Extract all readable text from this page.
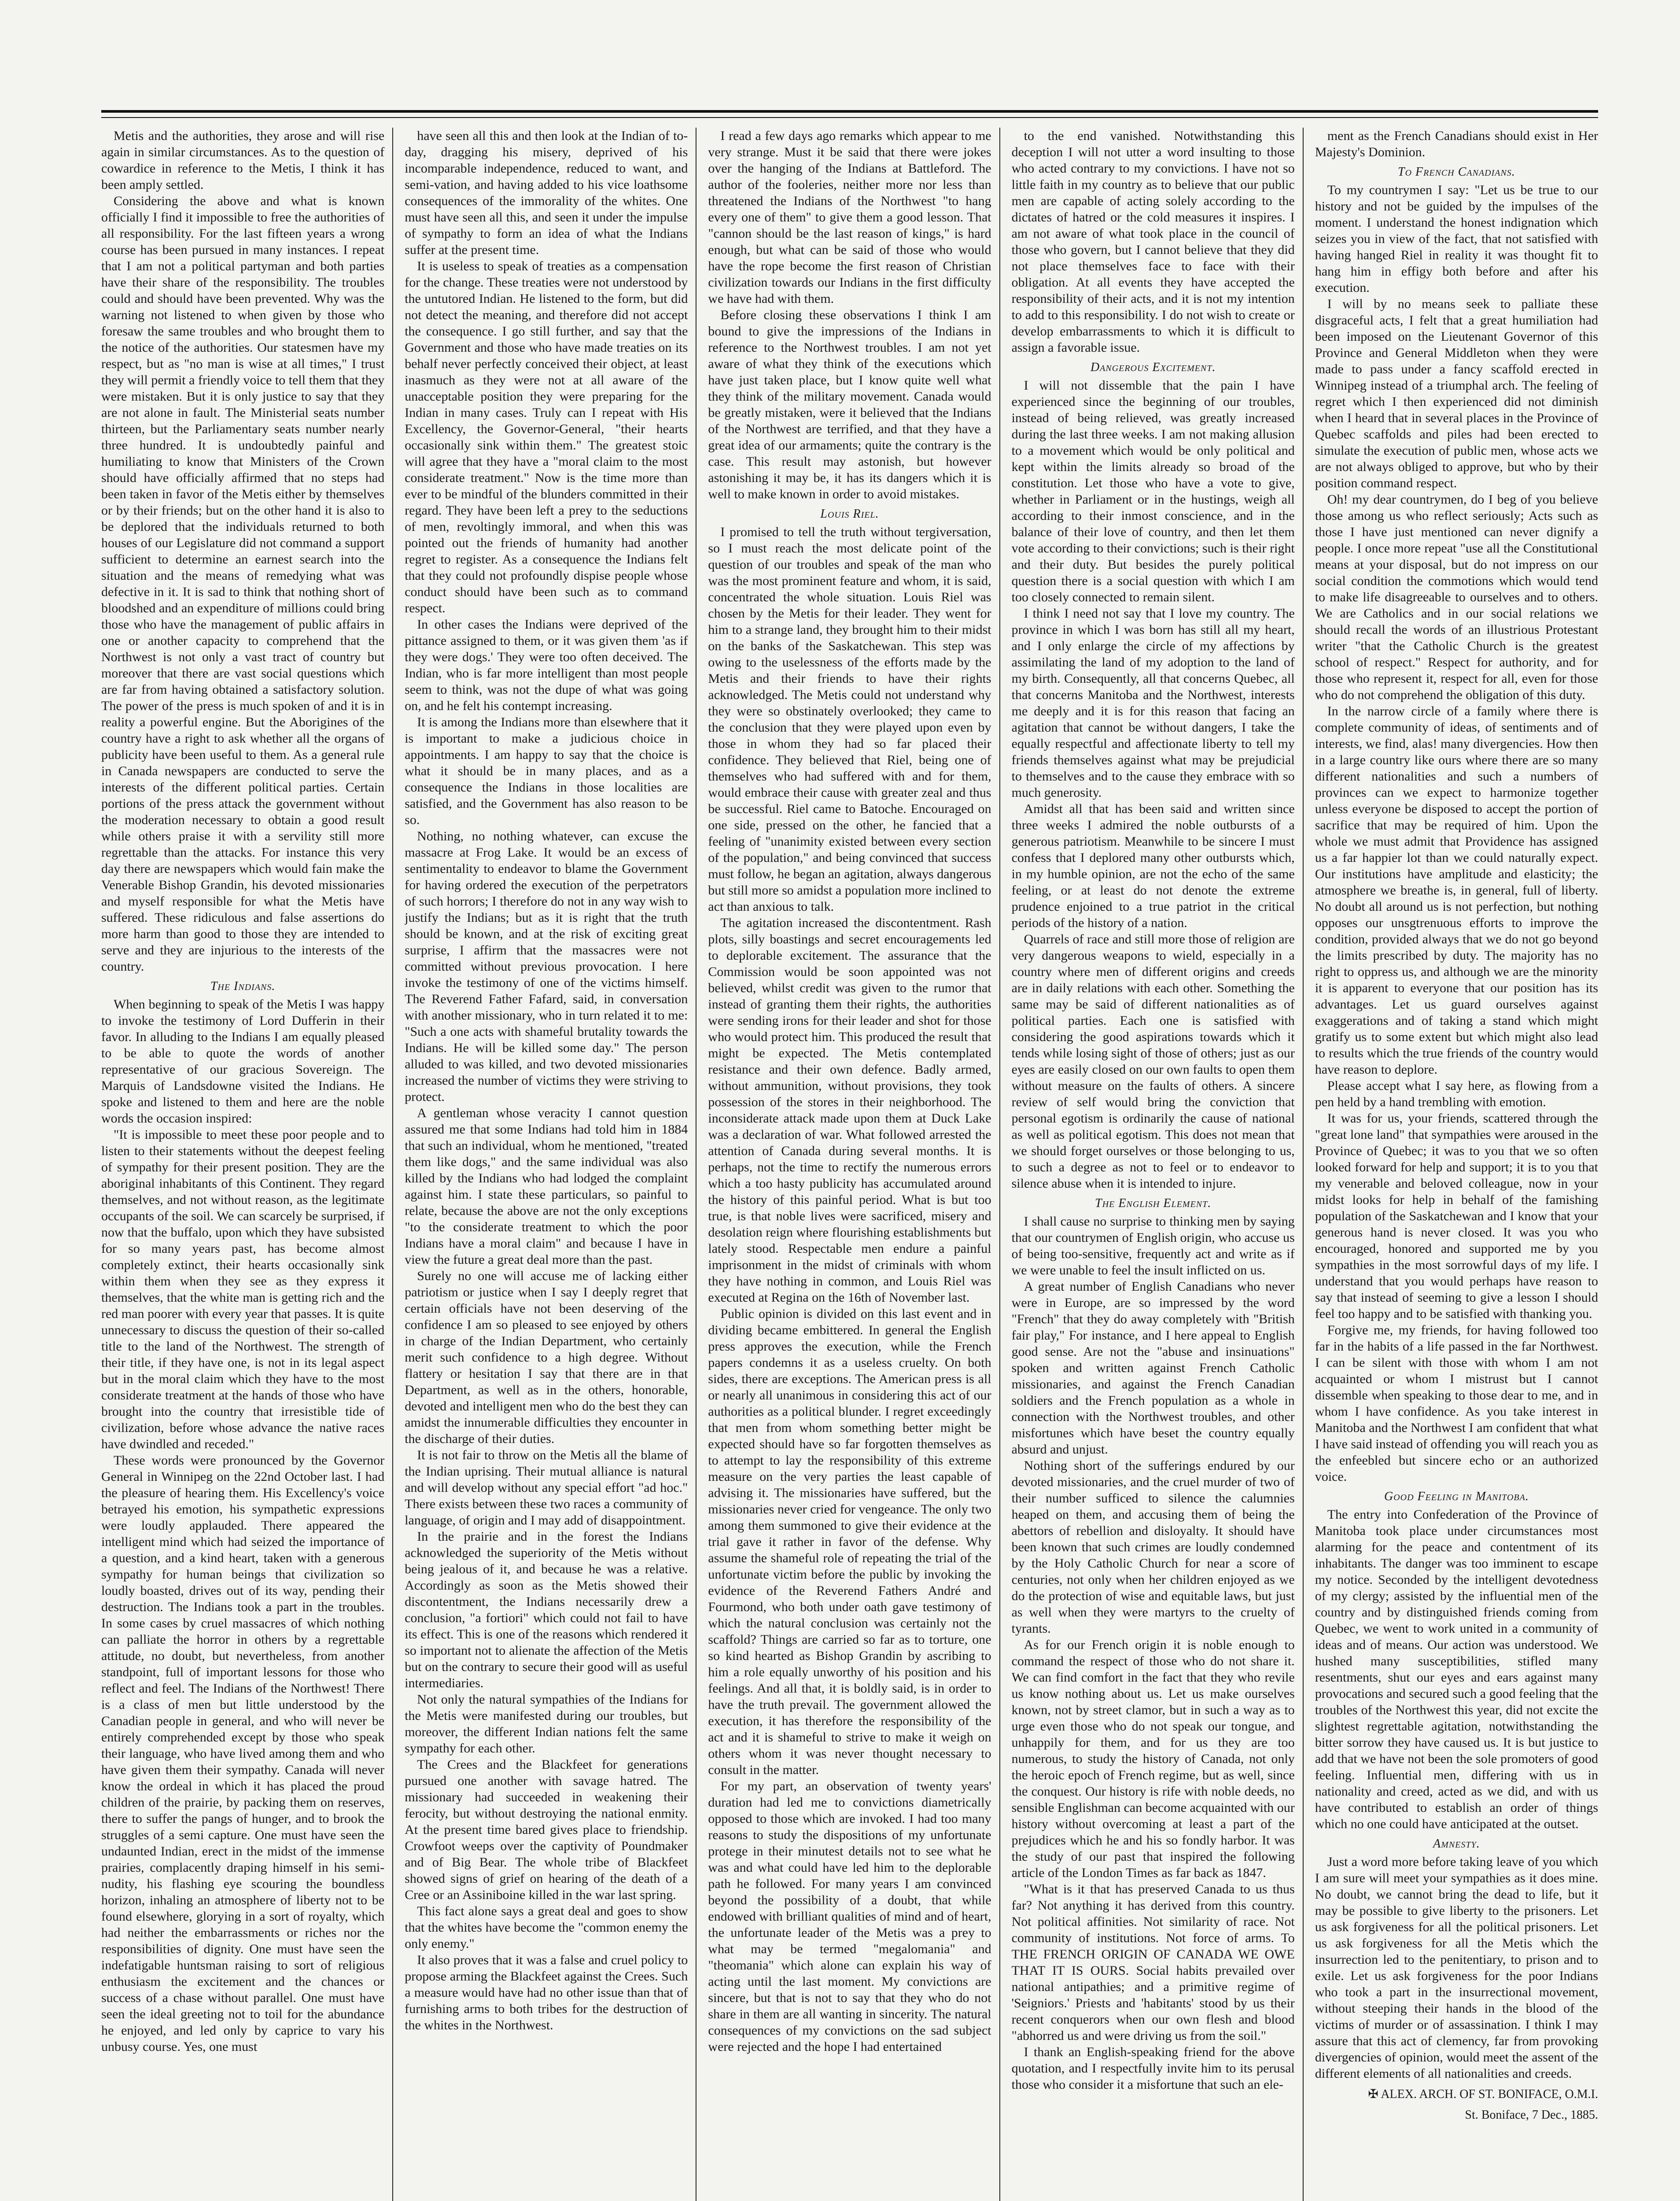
Metis and the authorities, they arose and will rise again in similar circumstances. As to the question of cowardice in reference to the Metis, I think it has been amply settled.

Considering the above and what is known officially I find it impossible to free the authorities of all responsibility. For the last fifteen years a wrong course has been pursued in many instances. I repeat that I am not a political partyman and both parties have their share of the responsibility. The troubles could and should have been prevented. Why was the warning not listened to when given by those who foresaw the same troubles and who brought them to the notice of the authorities. Our statesmen have my respect, but as "no man is wise at all times," I trust they will permit a friendly voice to tell them that they were mistaken. But it is only justice to say that they are not alone in fault. The Ministerial seats number thirteen, but the Parliamentary seats number nearly three hundred. It is undoubtedly painful and humiliating to know that Ministers of the Crown should have officially affirmed that no steps had been taken in favor of the Metis either by themselves or by their friends; but on the other hand it is also to be deplored that the individuals returned to both houses of our Legislature did not command a support sufficient to determine an earnest search into the situation and the means of remedying what was defective in it. It is sad to think that nothing short of bloodshed and an expenditure of millions could bring those who have the management of public affairs in one or another capacity to comprehend that the Northwest is not only a vast tract of country but moreover that there are vast social questions which are far from having obtained a satisfactory solution. The power of the press is much spoken of and it is in reality a powerful engine. But the Aborigines of the country have a right to ask whether all the organs of publicity have been useful to them. As a general rule in Canada newspapers are conducted to serve the interests of the different political parties. Certain portions of the press attack the government without the moderation necessary to obtain a good result while others praise it with a servility still more regrettable than the attacks. For instance this very day there are newspapers which would fain make the Venerable Bishop Grandin, his devoted missionaries and myself responsible for what the Metis have suffered. These ridiculous and false assertions do more harm than good to those they are intended to serve and they are injurious to the interests of the country.

The Indians.

When beginning to speak of the Metis I was happy to invoke the testimony of Lord Dufferin in their favor. In alluding to the Indians I am equally pleased to be able to quote the words of another representative of our gracious Sovereign. The Marquis of Landsdowne visited the Indians. He spoke and listened to them and here are the noble words the occasion inspired:

"It is impossible to meet these poor people and to listen to their statements without the deepest feeling of sympathy for their present position. They are the aboriginal inhabitants of this Continent. They regard themselves, and not without reason, as the legitimate occupants of the soil. We can scarcely be surprised, if now that the buffalo, upon which they have subsisted for so many years past, has become almost completely extinct, their hearts occasionally sink within them when they see as they express it themselves, that the white man is getting rich and the red man poorer with every year that passes. It is quite unnecessary to discuss the question of their so-called title to the land of the Northwest. The strength of their title, if they have one, is not in its legal aspect but in the moral claim which they have to the most considerate treatment at the hands of those who have brought into the country that irresistible tide of civilization, before whose advance the native races have dwindled and receded."

These words were pronounced by the Governor General in Winnipeg on the 22nd October last. I had the pleasure of hearing them. His Excellency's voice betrayed his emotion, his sympathetic expressions were loudly applauded. There appeared the intelligent mind which had seized the importance of a question, and a kind heart, taken with a generous sympathy for human beings that civilization so loudly boasted, drives out of its way, pending their destruction. The Indians took a part in the troubles. In some cases by cruel massacres of which nothing can palliate the horror in others by a regrettable attitude, no doubt, but nevertheless, from another standpoint, full of important lessons for those who reflect and feel. The Indians of the Northwest! There is a class of men but little understood by the Canadian people in general, and who will never be entirely comprehended except by those who speak their language, who have lived among them and who have given them their sympathy. Canada will never know the ordeal in which it has placed the proud children of the prairie, by packing them on reserves, there to suffer the pangs of hunger, and to brook the struggles of a semi capture. One must have seen the undaunted Indian, erect in the midst of the immense prairies, complacently draping himself in his semi-nudity, his flashing eye scouring the boundless horizon, inhaling an atmosphere of liberty not to be found elsewhere, glorying in a sort of royalty, which had neither the embarrassments or riches nor the responsibilities of dignity. One must have seen the indefatigable huntsman raising to sort of religious enthusiasm the excitement and the chances or success of a chase without parallel. One must have seen the ideal greeting not to toil for the abundance he enjoyed, and led only by caprice to vary his unbusy course. Yes, one must

have seen all this and then look at the Indian of to-day, dragging his misery, deprived of his incomparable independence, reduced to want, and semi-vation, and having added to his vice loathsome consequences of the immorality of the whites. One must have seen all this, and seen it under the impulse of sympathy to form an idea of what the Indians suffer at the present time.

It is useless to speak of treaties as a compensation for the change. These treaties were not understood by the untutored Indian. He listened to the form, but did not detect the meaning, and therefore did not accept the consequence. I go still further, and say that the Government and those who have made treaties on its behalf never perfectly conceived their object, at least inasmuch as they were not at all aware of the unacceptable position they were preparing for the Indian in many cases. Truly can I repeat with His Excellency, the Governor-General, "their hearts occasionally sink within them." The greatest stoic will agree that they have a "moral claim to the most considerate treatment." Now is the time more than ever to be mindful of the blunders committed in their regard. They have been left a prey to the seductions of men, revoltingly immoral, and when this was pointed out the friends of humanity had another regret to register. As a consequence the Indians felt that they could not profoundly dispise people whose conduct should have been such as to command respect.

In other cases the Indians were deprived of the pittance assigned to them, or it was given them 'as if they were dogs.' They were too often deceived. The Indian, who is far more intelligent than most people seem to think, was not the dupe of what was going on, and he felt his contempt increasing.

It is among the Indians more than elsewhere that it is important to make a judicious choice in appointments. I am happy to say that the choice is what it should be in many places, and as a consequence the Indians in those localities are satisfied, and the Government has also reason to be so.

Nothing, no nothing whatever, can excuse the massacre at Frog Lake. It would be an excess of sentimentality to endeavor to blame the Government for having ordered the execution of the perpetrators of such horrors; I therefore do not in any way wish to justify the Indians; but as it is right that the truth should be known, and at the risk of exciting great surprise, I affirm that the massacres were not committed without previous provocation. I here invoke the testimony of one of the victims himself. The Reverend Father Fafard, said, in conversation with another missionary, who in turn related it to me: "Such a one acts with shameful brutality towards the Indians. He will be killed some day." The person alluded to was killed, and two devoted missionaries increased the number of victims they were striving to protect.

A gentleman whose veracity I cannot question assured me that some Indians had told him in 1884 that such an individual, whom he mentioned, "treated them like dogs," and the same individual was also killed by the Indians who had lodged the complaint against him. I state these particulars, so painful to relate, because the above are not the only exceptions "to the considerate treatment to which the poor Indians have a moral claim" and because I have in view the future a great deal more than the past.

Surely no one will accuse me of lacking either patriotism or justice when I say I deeply regret that certain officials have not been deserving of the confidence I am so pleased to see enjoyed by others in charge of the Indian Department, who certainly merit such confidence to a high degree. Without flattery or hesitation I say that there are in that Department, as well as in the others, honorable, devoted and intelligent men who do the best they can amidst the innumerable difficulties they encounter in the discharge of their duties.

It is not fair to throw on the Metis all the blame of the Indian uprising. Their mutual alliance is natural and will develop without any special effort "ad hoc." There exists between these two races a community of language, of origin and I may add of disappointment.

In the prairie and in the forest the Indians acknowledged the superiority of the Metis without being jealous of it, and because he was a relative. Accordingly as soon as the Metis showed their discontentment, the Indians necessarily drew a conclusion, "a fortiori" which could not fail to have its effect. This is one of the reasons which rendered it so important not to alienate the affection of the Metis but on the contrary to secure their good will as useful intermediaries.

Not only the natural sympathies of the Indians for the Metis were manifested during our troubles, but moreover, the different Indian nations felt the same sympathy for each other.

The Crees and the Blackfeet for generations pursued one another with savage hatred. The missionary had succeeded in weakening their ferocity, but without destroying the national enmity. At the present time bared gives place to friendship. Crowfoot weeps over the captivity of Poundmaker and of Big Bear. The whole tribe of Blackfeet showed signs of grief on hearing of the death of a Cree or an Assiniboine killed in the war last spring.

This fact alone says a great deal and goes to show that the whites have become the "common enemy the only enemy."

It also proves that it was a false and cruel policy to propose arming the Blackfeet against the Crees. Such a measure would have had no other issue than that of furnishing arms to both tribes for the destruction of the whites in the Northwest.

I read a few days ago remarks which appear to me very strange. Must it be said that there were jokes over the hanging of the Indians at Battleford. The author of the fooleries, neither more nor less than threatened the Indians of the Northwest "to hang every one of them" to give them a good lesson. That "cannon should be the last reason of kings," is hard enough, but what can be said of those who would have the rope become the first reason of Christian civilization towards our Indians in the first difficulty we have had with them.

Before closing these observations I think I am bound to give the impressions of the Indians in reference to the Northwest troubles. I am not yet aware of what they think of the executions which have just taken place, but I know quite well what they think of the military movement. Canada would be greatly mistaken, were it believed that the Indians of the Northwest are terrified, and that they have a great idea of our armaments; quite the contrary is the case. This result may astonish, but however astonishing it may be, it has its dangers which it is well to make known in order to avoid mistakes.

Louis Riel.

I promised to tell the truth without tergiversation, so I must reach the most delicate point of the question of our troubles and speak of the man who was the most prominent feature and whom, it is said, concentrated the whole situation. Louis Riel was chosen by the Metis for their leader. They went for him to a strange land, they brought him to their midst on the banks of the Saskatchewan. This step was owing to the uselessness of the efforts made by the Metis and their friends to have their rights acknowledged. The Metis could not understand why they were so obstinately overlooked; they came to the conclusion that they were played upon even by those in whom they had so far placed their confidence. They believed that Riel, being one of themselves who had suffered with and for them, would embrace their cause with greater zeal and thus be successful. Riel came to Batoche. Encouraged on one side, pressed on the other, he fancied that a feeling of "unanimity existed between every section of the population," and being convinced that success must follow, he began an agitation, always dangerous but still more so amidst a population more inclined to act than anxious to talk.

The agitation increased the discontentment. Rash plots, silly boastings and secret encouragements led to deplorable excitement. The assurance that the Commission would be soon appointed was not believed, whilst credit was given to the rumor that instead of granting them their rights, the authorities were sending irons for their leader and shot for those who would protect him. This produced the result that might be expected. The Metis contemplated resistance and their own defence. Badly armed, without ammunition, without provisions, they took possession of the stores in their neighborhood. The inconsiderate attack made upon them at Duck Lake was a declaration of war. What followed arrested the attention of Canada during several months. It is perhaps, not the time to rectify the numerous errors which a too hasty publicity has accumulated around the history of this painful period. What is but too true, is that noble lives were sacrificed, misery and desolation reign where flourishing establishments but lately stood. Respectable men endure a painful imprisonment in the midst of criminals with whom they have nothing in common, and Louis Riel was executed at Regina on the 16th of November last.

Public opinion is divided on this last event and in dividing became embittered. In general the English press approves the execution, while the French papers condemns it as a useless cruelty. On both sides, there are exceptions. The American press is all or nearly all unanimous in considering this act of our authorities as a political blunder. I regret exceedingly that men from whom something better might be expected should have so far forgotten themselves as to attempt to lay the responsibility of this extreme measure on the very parties the least capable of advising it. The missionaries have suffered, but the missionaries never cried for vengeance. The only two among them summoned to give their evidence at the trial gave it rather in favor of the defense. Why assume the shameful role of repeating the trial of the unfortunate victim before the public by invoking the evidence of the Reverend Fathers André and Fourmond, who both under oath gave testimony of which the natural conclusion was certainly not the scaffold? Things are carried so far as to torture, one so kind hearted as Bishop Grandin by ascribing to him a role equally unworthy of his position and his feelings. And all that, it is boldly said, is in order to have the truth prevail. The government allowed the execution, it has therefore the responsibility of the act and it is shameful to strive to make it weigh on others whom it was never thought necessary to consult in the matter.

For my part, an observation of twenty years' duration had led me to convictions diametrically opposed to those which are invoked. I had too many reasons to study the dispositions of my unfortunate protege in their minutest details not to see what he was and what could have led him to the deplorable path he followed. For many years I am convinced beyond the possibility of a doubt, that while endowed with brilliant qualities of mind and of heart, the unfortunate leader of the Metis was a prey to what may be termed "megalomania" and "theomania" which alone can explain his way of acting until the last moment. My convictions are sincere, but that is not to say that they who do not share in them are all wanting in sincerity. The natural consequences of my convictions on the sad subject were rejected and the hope I had entertained

to the end vanished. Notwithstanding this deception I will not utter a word insulting to those who acted contrary to my convictions. I have not so little faith in my country as to believe that our public men are capable of acting solely according to the dictates of hatred or the cold measures it inspires. I am not aware of what took place in the council of those who govern, but I cannot believe that they did not place themselves face to face with their obligation. At all events they have accepted the responsibility of their acts, and it is not my intention to add to this responsibility. I do not wish to create or develop embarrassments to which it is difficult to assign a favorable issue.

Dangerous Excitement.

I will not dissemble that the pain I have experienced since the beginning of our troubles, instead of being relieved, was greatly increased during the last three weeks. I am not making allusion to a movement which would be only political and kept within the limits already so broad of the constitution. Let those who have a vote to give, whether in Parliament or in the hustings, weigh all according to their inmost conscience, and in the balance of their love of country, and then let them vote according to their convictions; such is their right and their duty. But besides the purely political question there is a social question with which I am too closely connected to remain silent.

I think I need not say that I love my country. The province in which I was born has still all my heart, and I only enlarge the circle of my affections by assimilating the land of my adoption to the land of my birth. Consequently, all that concerns Quebec, all that concerns Manitoba and the Northwest, interests me deeply and it is for this reason that facing an agitation that cannot be without dangers, I take the equally respectful and affectionate liberty to tell my friends themselves against what may be prejudicial to themselves and to the cause they embrace with so much generosity.

Amidst all that has been said and written since three weeks I admired the noble outbursts of a generous patriotism. Meanwhile to be sincere I must confess that I deplored many other outbursts which, in my humble opinion, are not the echo of the same feeling, or at least do not denote the extreme prudence enjoined to a true patriot in the critical periods of the history of a nation.

Quarrels of race and still more those of religion are very dangerous weapons to wield, especially in a country where men of different origins and creeds are in daily relations with each other. Something the same may be said of different nationalities as of political parties. Each one is satisfied with considering the good aspirations towards which it tends while losing sight of those of others; just as our eyes are easily closed on our own faults to open them without measure on the faults of others. A sincere review of self would bring the conviction that personal egotism is ordinarily the cause of national as well as political egotism. This does not mean that we should forget ourselves or those belonging to us, to such a degree as not to feel or to endeavor to silence abuse when it is intended to injure.

The English Element.

I shall cause no surprise to thinking men by saying that our countrymen of English origin, who accuse us of being too-sensitive, frequently act and write as if we were unable to feel the insult inflicted on us.

A great number of English Canadians who never were in Europe, are so impressed by the word "French" that they do away completely with "British fair play," For instance, and I here appeal to English good sense. Are not the "abuse and insinuations" spoken and written against French Catholic missionaries, and against the French Canadian soldiers and the French population as a whole in connection with the Northwest troubles, and other misfortunes which have beset the country equally absurd and unjust.

Nothing short of the sufferings endured by our devoted missionaries, and the cruel murder of two of their number sufficed to silence the calumnies heaped on them, and accusing them of being the abettors of rebellion and disloyalty. It should have been known that such crimes are loudly condemned by the Holy Catholic Church for near a score of centuries, not only when her children enjoyed as we do the protection of wise and equitable laws, but just as well when they were martyrs to the cruelty of tyrants.

As for our French origin it is noble enough to command the respect of those who do not share it. We can find comfort in the fact that they who revile us know nothing about us. Let us make ourselves known, not by street clamor, but in such a way as to urge even those who do not speak our tongue, and unhappily for them, and for us they are too numerous, to study the history of Canada, not only the heroic epoch of French regime, but as well, since the conquest. Our history is rife with noble deeds, no sensible Englishman can become acquainted with our history without overcoming at least a part of the prejudices which he and his so fondly harbor. It was the study of our past that inspired the following article of the London Times as far back as 1847.

"What is it that has preserved Canada to us thus far? Not anything it has derived from this country. Not political affinities. Not similarity of race. Not community of institutions. Not force of arms. To THE FRENCH ORIGIN OF CANADA WE OWE THAT IT IS OURS. Social habits prevailed over national antipathies; and a primitive regime of 'Seigniors.' Priests and 'habitants' stood by us their recent conquerors when our own flesh and blood "abhorred us and were driving us from the soil."

I thank an English-speaking friend for the above quotation, and I respectfully invite him to its perusal those who consider it a misfortune that such an ele-

ment as the French Canadians should exist in Her Majesty's Dominion.

To French Canadians.

To my countrymen I say: "Let us be true to our history and not be guided by the impulses of the moment. I understand the honest indignation which seizes you in view of the fact, that not satisfied with having hanged Riel in reality it was thought fit to hang him in effigy both before and after his execution.

I will by no means seek to palliate these disgraceful acts, I felt that a great humiliation had been imposed on the Lieutenant Governor of this Province and General Middleton when they were made to pass under a fancy scaffold erected in Winnipeg instead of a triumphal arch. The feeling of regret which I then experienced did not diminish when I heard that in several places in the Province of Quebec scaffolds and piles had been erected to simulate the execution of public men, whose acts we are not always obliged to approve, but who by their position command respect.

Oh! my dear countrymen, do I beg of you believe those among us who reflect seriously; Acts such as those I have just mentioned can never dignify a people. I once more repeat "use all the Constitutional means at your disposal, but do not impress on our social condition the commotions which would tend to make life disagreeable to ourselves and to others. We are Catholics and in our social relations we should recall the words of an illustrious Protestant writer "that the Catholic Church is the greatest school of respect." Respect for authority, and for those who represent it, respect for all, even for those who do not comprehend the obligation of this duty.

In the narrow circle of a family where there is complete community of ideas, of sentiments and of interests, we find, alas! many divergencies. How then in a large country like ours where there are so many different nationalities and such a numbers of provinces can we expect to harmonize together unless everyone be disposed to accept the portion of sacrifice that may be required of him. Upon the whole we must admit that Providence has assigned us a far happier lot than we could naturally expect. Our institutions have amplitude and elasticity; the atmosphere we breathe is, in general, full of liberty. No doubt all around us is not perfection, but nothing opposes our unsgtrenuous efforts to improve the condition, provided always that we do not go beyond the limits prescribed by duty. The majority has no right to oppress us, and although we are the minority it is apparent to everyone that our position has its advantages. Let us guard ourselves against exaggerations and of taking a stand which might gratify us to some extent but which might also lead to results which the true friends of the country would have reason to deplore.

Please accept what I say here, as flowing from a pen held by a hand trembling with emotion.

It was for us, your friends, scattered through the "great lone land" that sympathies were aroused in the Province of Quebec; it was to you that we so often looked forward for help and support; it is to you that my venerable and beloved colleague, now in your midst looks for help in behalf of the famishing population of the Saskatchewan and I know that your generous hand is never closed. It was you who encouraged, honored and supported me by you sympathies in the most sorrowful days of my life. I understand that you would perhaps have reason to say that instead of seeming to give a lesson I should feel too happy and to be satisfied with thanking you.

Forgive me, my friends, for having followed too far in the habits of a life passed in the far Northwest. I can be silent with those with whom I am not acquainted or whom I mistrust but I cannot dissemble when speaking to those dear to me, and in whom I have confidence. As you take interest in Manitoba and the Northwest I am confident that what I have said instead of offending you will reach you as the enfeebled but sincere echo or an authorized voice.

Good Feeling in Manitoba.

The entry into Confederation of the Province of Manitoba took place under circumstances most alarming for the peace and contentment of its inhabitants. The danger was too imminent to escape my notice. Seconded by the intelligent devotedness of my clergy; assisted by the influential men of the country and by distinguished friends coming from Quebec, we went to work united in a community of ideas and of means. Our action was understood. We hushed many susceptibilities, stifled many resentments, shut our eyes and ears against many provocations and secured such a good feeling that the troubles of the Northwest this year, did not excite the slightest regrettable agitation, notwithstanding the bitter sorrow they have caused us. It is but justice to add that we have not been the sole promoters of good feeling. Influential men, differing with us in nationality and creed, acted as we did, and with us have contributed to establish an order of things which no one could have anticipated at the outset.

Amnesty.

Just a word more before taking leave of you which I am sure will meet your sympathies as it does mine. No doubt, we cannot bring the dead to life, but it may be possible to give liberty to the prisoners. Let us ask forgiveness for all the political prisoners. Let us ask forgiveness for all the Metis which the insurrection led to the penitentiary, to prison and to exile. Let us ask forgiveness for the poor Indians who took a part in the insurrectional movement, without steeping their hands in the blood of the victims of murder or of assassination. I think I may assure that this act of clemency, far from provoking divergencies of opinion, would meet the assent of the different elements of all nationalities and creeds.

✠ ALEX. ARCH. OF ST. BONIFACE, O.M.I.
St. Boniface, 7 Dec., 1885.
